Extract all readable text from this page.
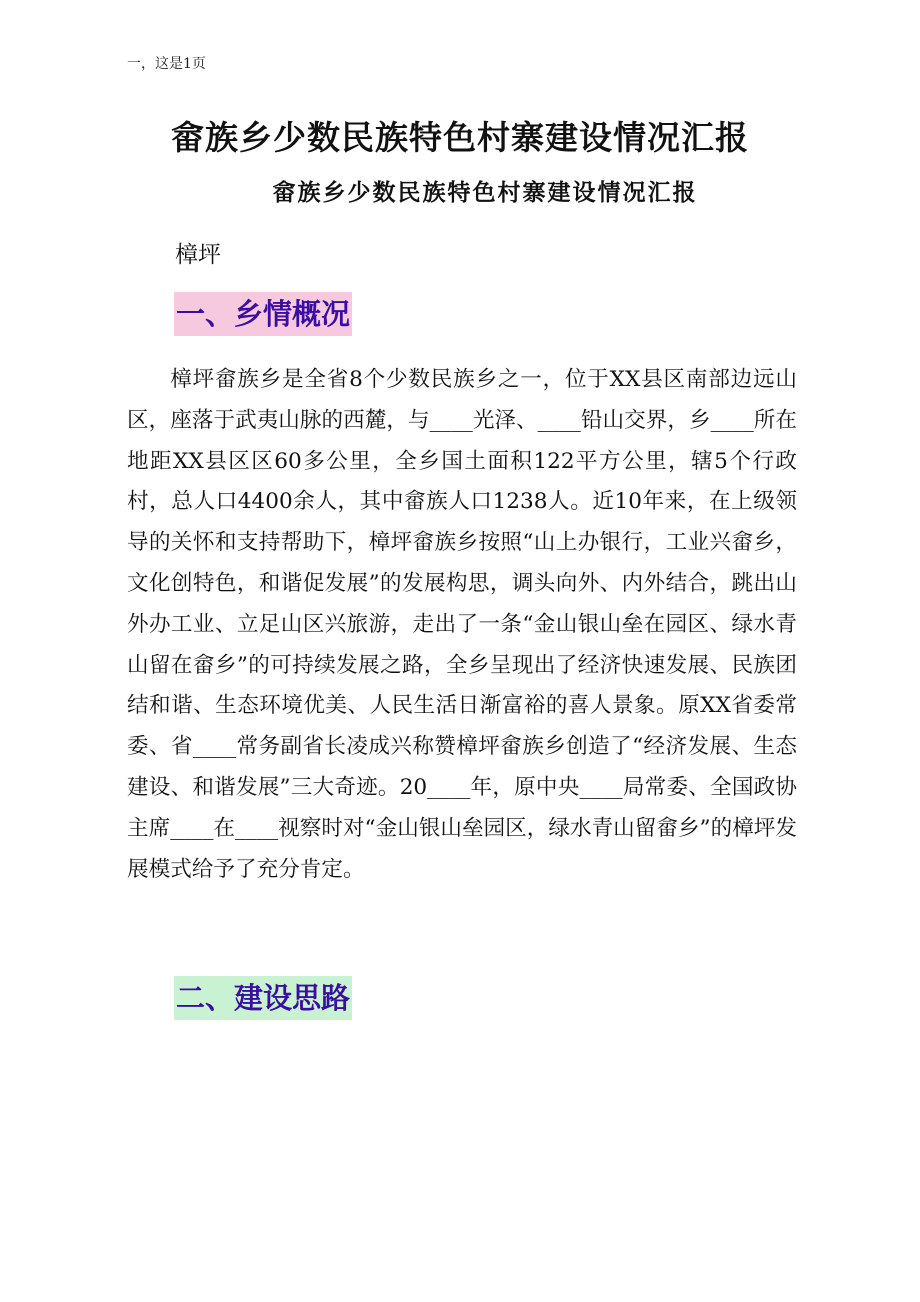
一，这是1页
畲族乡少数民族特色村寨建设情况汇报
畲族乡少数民族特色村寨建设情况汇报
樟坪
一、乡情概况

樟坪畲族乡是全省8个少数民族乡之一，位于XX县区南部边远山区，座落于武夷山脉的西麓，与____光泽、____铅山交界，乡____所在地距XX县区区60多公里，全乡国土面积122平方公里，辖5个行政村，总人口4400余人，其中畲族人口1238人。近10年来，在上级领导的关怀和支持帮助下，樟坪畲族乡按照“山上办银行，工业兴畲乡，文化创特色，和谐促发展”的发展构思，调头向外、内外结合，跳出山外办工业、立足山区兴旅游，走出了一条“金山银山垒在园区、绿水青山留在畲乡”的可持续发展之路，全乡呈现出了经济快速发展、民族团结和谐、生态环境优美、人民生活日渐富裕的喜人景象。原XX省委常委、省____常务副省长凌成兴称赞樟坪畲族乡创造了“经济发展、生态建设、和谐发展”三大奇迹。20____年，原中央____局常委、全国政协主席____在____视察时对“金山银山垒园区，绿水青山留畲乡”的樟坪发展模式给予了充分肯定。

二、建设思路
